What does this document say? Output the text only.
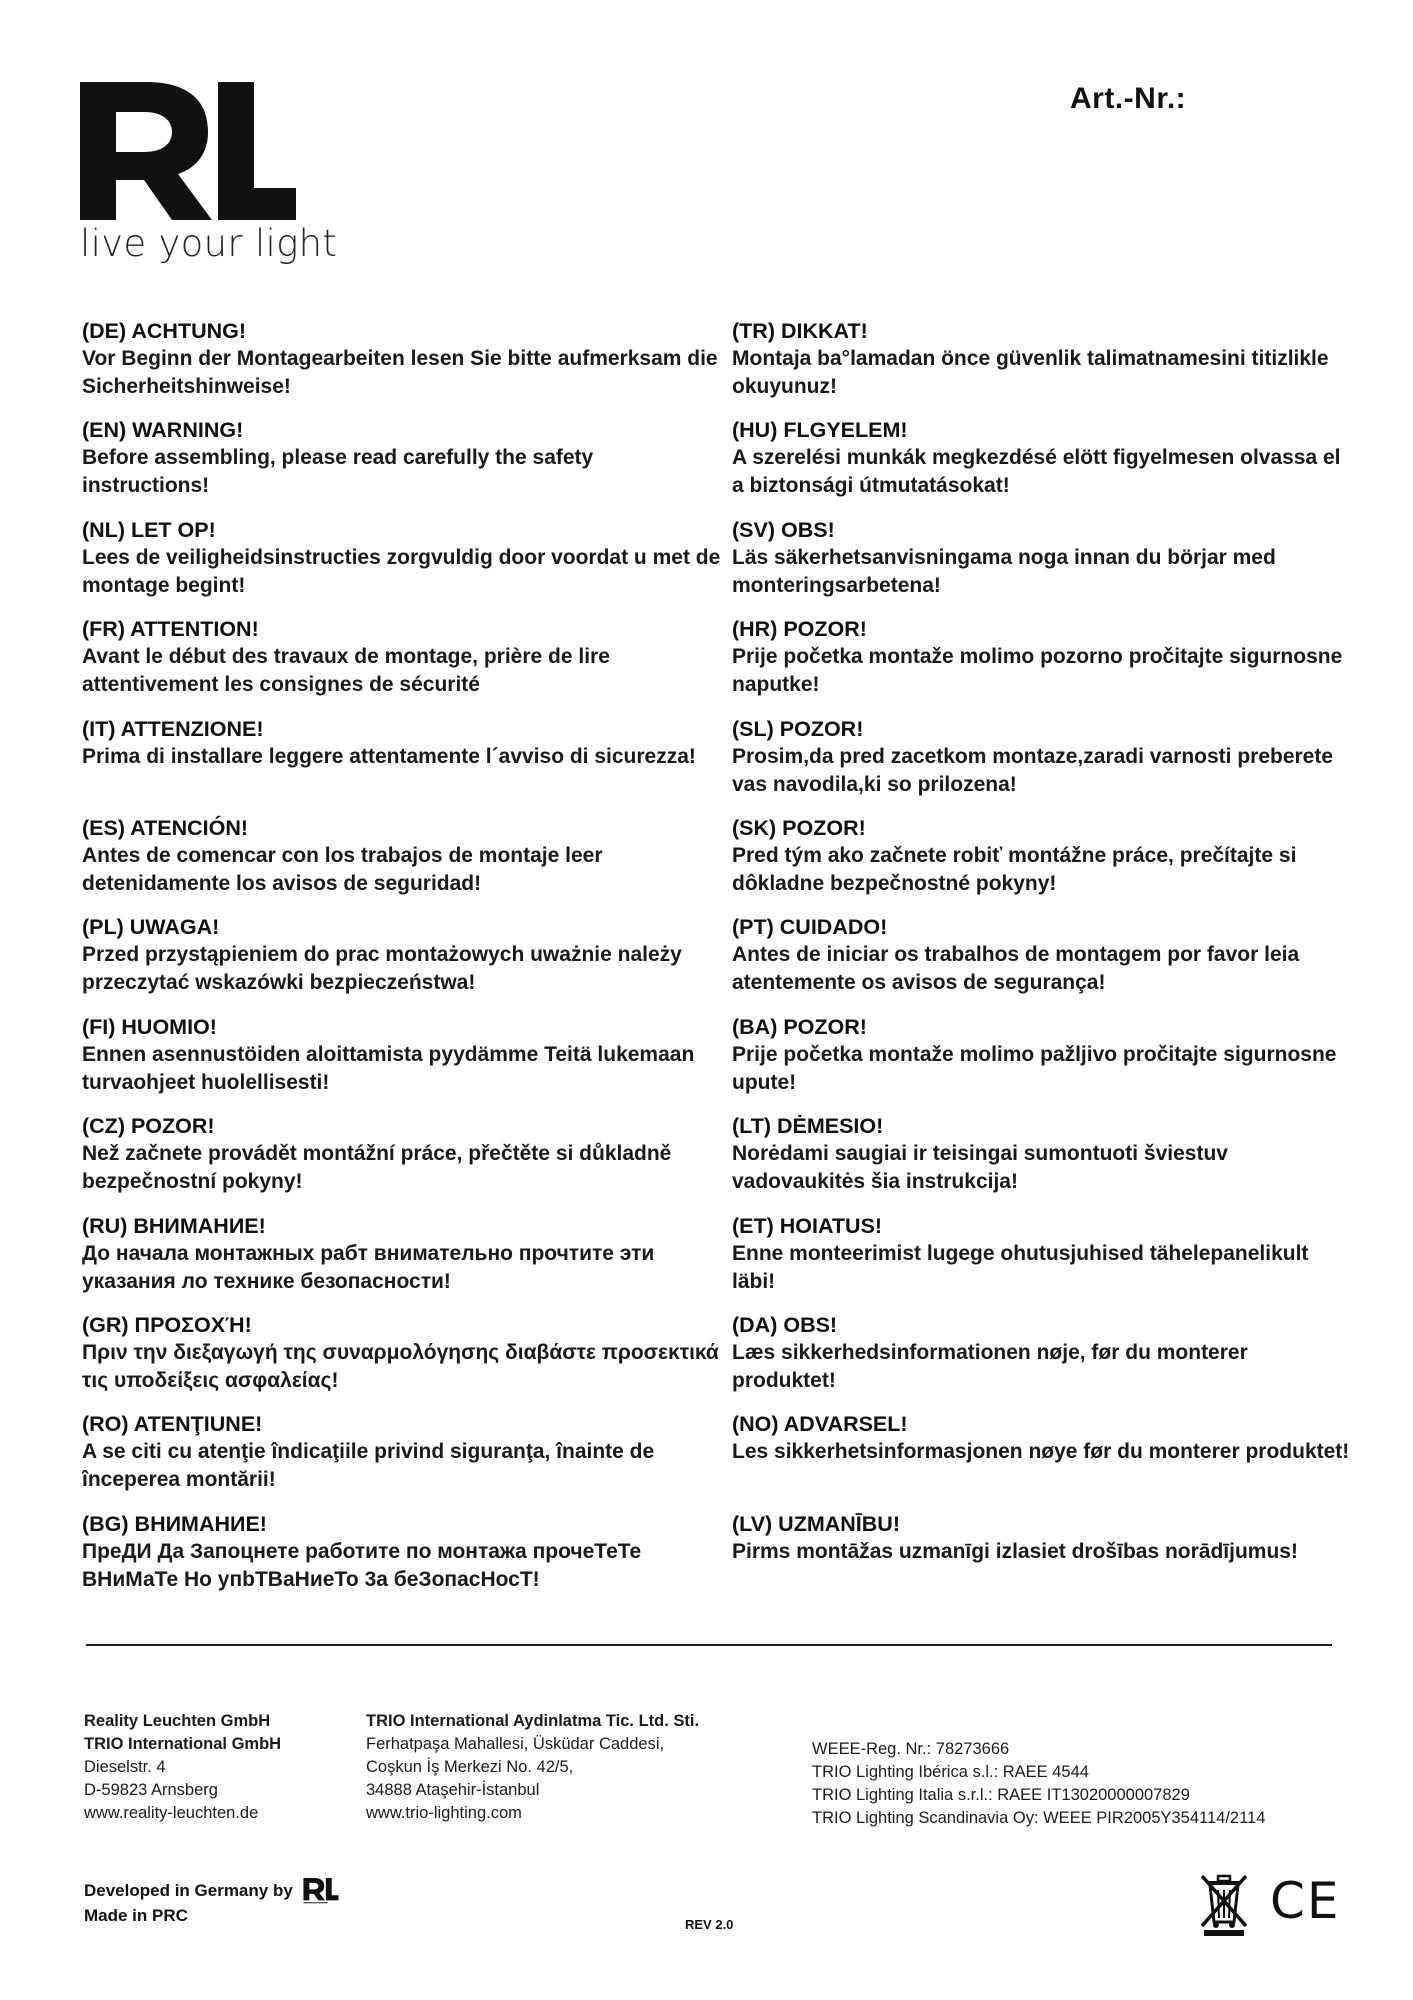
live your light
Art.-Nr.:
(DE) ACHTUNG!
Vor Beginn der Montagearbeiten lesen Sie bitte aufmerksam die Sicherheitshinweise!
(EN) WARNING!
Before assembling, please read carefully the safety instructions!
(NL) LET OP!
Lees de veiligheidsinstructies zorgvuldig door voordat u met de montage begint!
(FR) ATTENTION!
Avant le début des travaux de montage, prière de lire attentivement les consignes de sécurité
(IT) ATTENZIONE!
Prima di installare leggere attentamente l´avviso di sicurezza!
(ES) ATENCIÓN!
Antes de comencar con los trabajos de montaje leer detenidamente los avisos de seguridad!
(PL) UWAGA!
Przed przystąpieniem do prac montażowych uważnie należy przeczytać wskazówki bezpieczeństwa!
(FI) HUOMIO!
Ennen asennustöiden aloittamista pyydämme Teitä lukemaan turvaohjeet huolellisesti!
(CZ) POZOR!
Než začnete provádět montážní práce, přečtěte si důkladně bezpečnostní pokyny!
(RU) ВНИМАНИЕ!
До начала монтажных рабт внимательно прочтите эти указания ло технике безопасности!
(GR) ΠΡΟΣΟΧΉ!
Πριν την διεξαγωγή της συναρμολόγησης διαβάστε προσεκτικά τις υποδείξεις ασφαλείας!
(RO) ATENŢIUNE!
A se citi cu atenţie îndicaţiile privind siguranţa, înainte de începerea montării!
(BG) ВНИМАНИЕ!
ПреДИ Да Запоцнете работите по монтажа прочеТеТе ВНиМаТе Но упbТВаНиеТо 3а беЗопасНосТ!
(TR) DIKKAT!
Montaja ba°lamadan önce güvenlik talimatnamesini titizlikle okuyunuz!
(HU) FLGYELEM!
A szerelési munkák megkezdésé elött figyelmesen olvassa el a biztonsági útmutatásokat!
(SV) OBS!
Läs säkerhetsanvisningama noga innan du börjar med monteringsarbetena!
(HR) POZOR!
Prije početka montaže molimo pozorno pročitajte sigurnosne naputke!
(SL) POZOR!
Prosim,da pred zacetkom montaze,zaradi varnosti preberete vas navodila,ki so prilozena!
(SK) POZOR!
Pred tým ako začnete robiť montážne práce, prečítajte si dôkladne bezpečnostné pokyny!
(PT) CUIDADO!
Antes de iniciar os trabalhos de montagem por favor leia atentemente os avisos de segurança!
(BA) POZOR!
Prije početka montaže molimo pažljivo pročitajte sigurnosne upute!
(LT) DĖMESIO!
Norėdami saugiai ir teisingai sumontuoti šviestuv vadovaukitės šia instrukcija!
(ET) HOIATUS!
Enne monteerimist lugege ohutusjuhised tähelepanelikult läbi!
(DA) OBS!
Læs sikkerhedsinformationen nøje, før du monterer produktet!
(NO) ADVARSEL!
Les sikkerhetsinformasjonen nøye før du monterer produktet!
(LV) UZMANĪBU!
Pirms montāžas uzmanīgi izlasiet drošības norādījumus!
Reality Leuchten GmbH
TRIO International GmbH
Dieselstr. 4
D-59823 Arnsberg
www.reality-leuchten.de
TRIO International Aydinlatma Tic. Ltd. Sti.
Ferhatpaşa Mahallesi, Üsküdar Caddesi,
Coşkun İş Merkezi No. 42/5,
34888 Ataşehir-İstanbul
www.trio-lighting.com
WEEE-Reg. Nr.: 78273666
TRIO Lighting Ibérica s.l.: RAEE 4544
TRIO Lighting Italia s.r.l.: RAEE IT13020000007829
TRIO Lighting Scandinavia Oy: WEEE PIR2005Y354114/2114
Developed in Germany by
Made in PRC	REV 2.0	CE
